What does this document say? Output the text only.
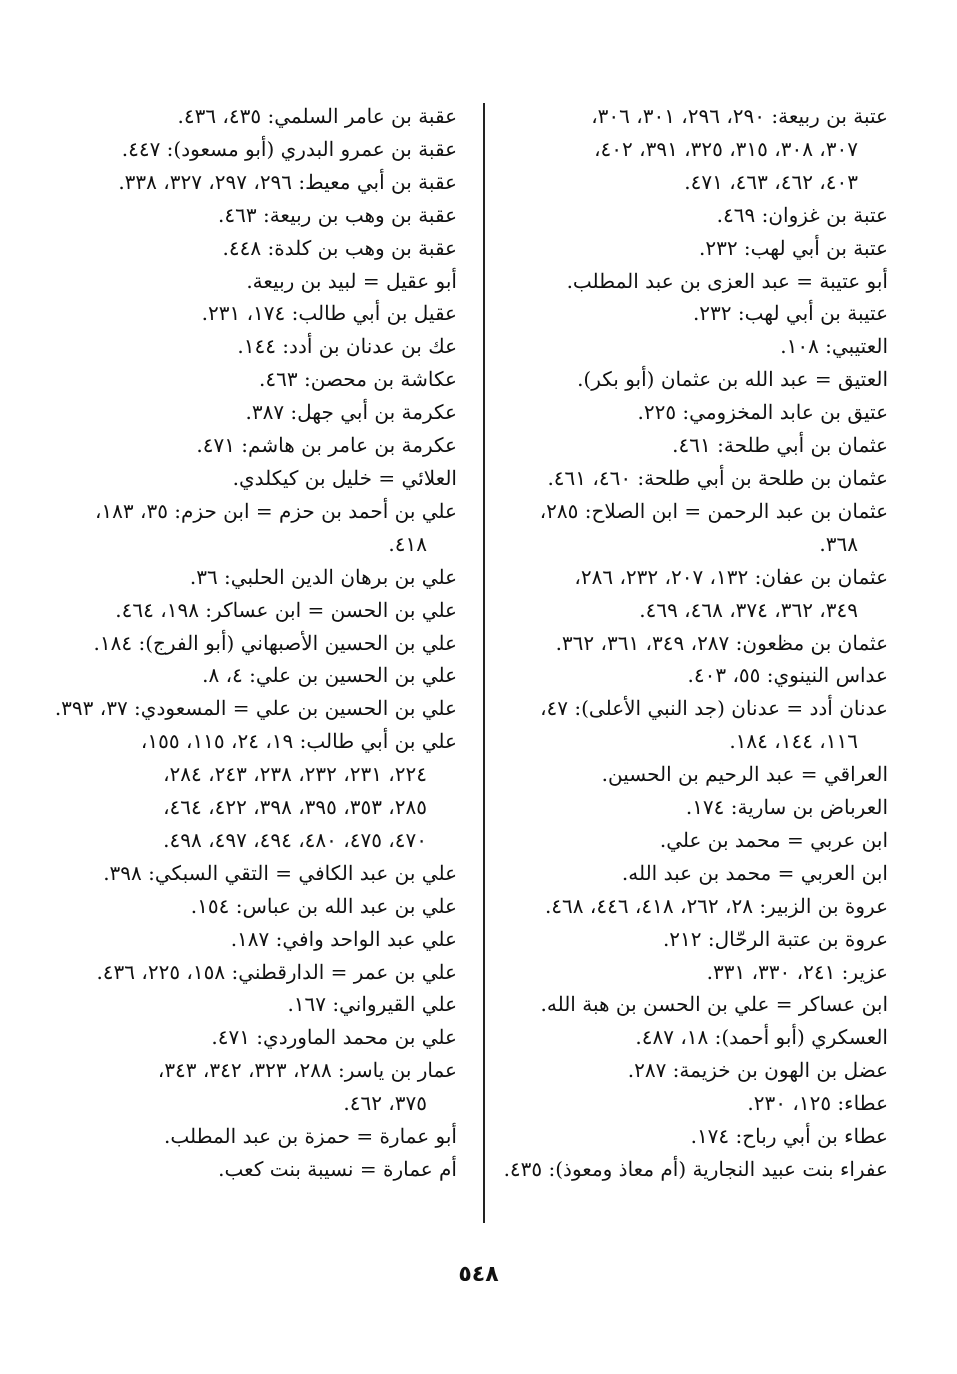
عتبة بن ربيعة: ٢٩٠، ٢٩٦، ٣٠١، ٣٠٦،

٣٠٧، ٣٠٨، ٣١٥، ٣٢٥، ٣٩١، ٤٠٢،

٤٠٣، ٤٦٢، ٤٦٣، ٤٧١.

عتبة بن غزوان: ٤٦٩.

عتبة بن أبي لهب: ٢٣٢.

أبو عتيبة = عبد العزى بن عبد المطلب.

عتيبة بن أبي لهب: ٢٣٢.

العتيبي: ١٠٨.

العتيق = عبد الله بن عثمان (أبو بكر).

عتيق بن عابد المخزومي: ٢٢٥.

عثمان بن أبي طلحة: ٤٦١.

عثمان بن طلحة بن أبي طلحة: ٤٦٠، ٤٦١.

عثمان بن عبد الرحمن = ابن الصلاح: ٢٨٥،

٣٦٨.

عثمان بن عفان: ١٣٢، ٢٠٧، ٢٣٢، ٢٨٦،

٣٤٩، ٣٦٢، ٣٧٤، ٤٦٨، ٤٦٩.

عثمان بن مظعون: ٢٨٧، ٣٤٩، ٣٦١، ٣٦٢.

عداس النينوي: ٥٥، ٤٠٣.

عدنان أدد = عدنان (جد النبي الأعلى): ٤٧،

١١٦، ١٤٤، ١٨٤.

العراقي = عبد الرحيم بن الحسين.

العرباض بن سارية: ١٧٤.

ابن عربي = محمد بن علي.

ابن العربي = محمد بن عبد الله.

عروة بن الزبير: ٢٨، ٢٦٢، ٤١٨، ٤٤٦، ٤٦٨.

عروة بن عتبة الرحّال: ٢١٢.

عزير: ٢٤١، ٣٣٠، ٣٣١.

ابن عساكر = علي بن الحسن بن هبة الله.

العسكري (أبو أحمد): ١٨، ٤٨٧.

عضل بن الهون بن خزيمة: ٢٨٧.

عطاء: ١٢٥، ٢٣٠.

عطاء بن أبي رباح: ١٧٤.

عفراء بنت عبيد النجارية (أم معاذ ومعوذ): ٤٣٥.

عقبة بن عامر السلمي: ٤٣٥، ٤٣٦.

عقبة بن عمرو البدري (أبو مسعود): ٤٤٧.

عقبة بن أبي معيط: ٢٩٦، ٢٩٧، ٣٢٧، ٣٣٨.

عقبة بن وهب بن ربيعة: ٤٦٣.

عقبة بن وهب بن كلدة: ٤٤٨.

أبو عقيل = لبيد بن ربيعة.

عقيل بن أبي طالب: ١٧٤، ٢٣١.

عك بن عدنان بن أدد: ١٤٤.

عكاشة بن محصن: ٤٦٣.

عكرمة بن أبي جهل: ٣٨٧.

عكرمة بن عامر بن هاشم: ٤٧١.

العلائي = خليل بن كيكلدي.

علي بن أحمد بن حزم = ابن حزم: ٣٥، ١٨٣،

٤١٨.

علي بن برهان الدين الحلبي: ٣٦.

علي بن الحسن = ابن عساكر: ١٩٨، ٤٦٤.

علي بن الحسين الأصبهاني (أبو الفرج): ١٨٤.

علي بن الحسين بن علي: ٤، ٨.

علي بن الحسين بن علي = المسعودي: ٣٧، ٣٩٣.

علي بن أبي طالب: ١٩، ٢٤، ١١٥، ١٥٥،

٢٢٤، ٢٣١، ٢٣٢، ٢٣٨، ٢٤٣، ٢٨٤،

٢٨٥، ٣٥٣، ٣٩٥، ٣٩٨، ٤٢٢، ٤٦٤،

٤٧٠، ٤٧٥، ٤٨٠، ٤٩٤، ٤٩٧، ٤٩٨.

علي بن عبد الكافي = التقي السبكي: ٣٩٨.

علي بن عبد الله بن عباس: ١٥٤.

علي عبد الواحد وافي: ١٨٧.

علي بن عمر = الدارقطني: ١٥٨، ٢٢٥، ٤٣٦.

علي القيرواني: ١٦٧.

علي بن محمد الماوردي: ٤٧١.

عمار بن ياسر: ٢٨٨، ٣٢٣، ٣٤٢، ٣٤٣،

٣٧٥، ٤٦٢.

أبو عمارة = حمزة بن عبد المطلب.

أم عمارة = نسيبة بنت كعب.

٥٤٨
